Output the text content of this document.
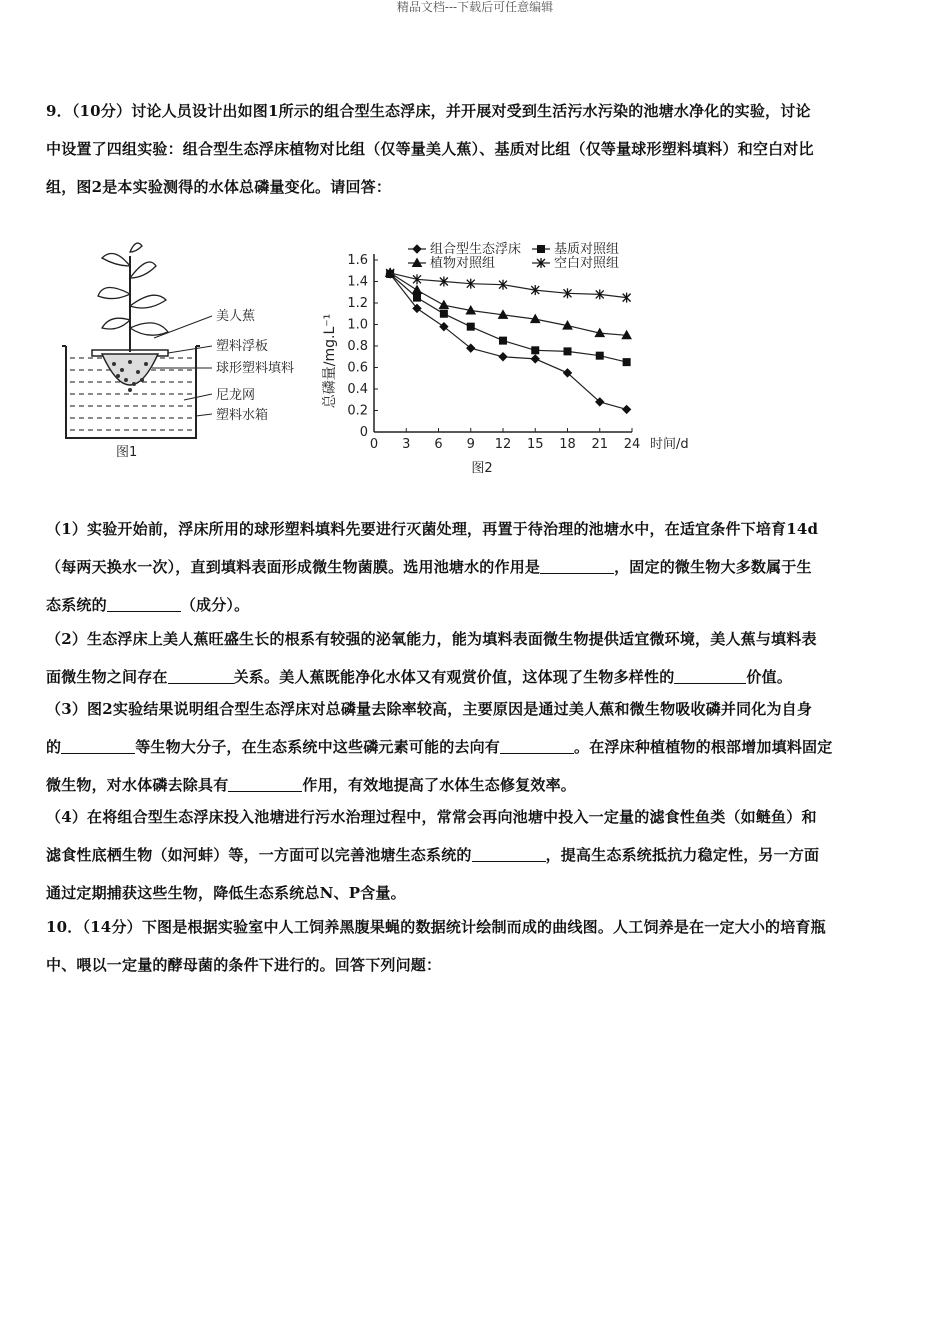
精品文档---下载后可任意编辑
9．（10分）讨论人员设计出如图1所示的组合型生态浮床，并开展对受到生活污水污染的池塘水净化的实验，讨论
中设置了四组实验：组合型生态浮床植物对比组（仅等量美人蕉）、基质对比组（仅等量球形塑料填料）和空白对比
组，图2是本实验测得的水体总磷量变化。请回答：
美人蕉
塑料浮板
球形塑料填料
尼龙网
塑料水箱
图1
0 3 6 9 12 15 18 21 24
0
0.2
0.4
0.6
0.8
1.0
1.2
1.4
1.6
组合型生态浮床	基质对照组
植物对照组	空白对照组
总磷量/mg.L⁻¹
时间/d
图2
（1）实验开始前，浮床所用的球形塑料填料先要进行灭菌处理，再置于待治理的池塘水中，在适宜条件下培育14d
（每两天换水一次），直到填料表面形成微生物菌膜。选用池塘水的作用是	，固定的微生物大多数属于生
态系统的	（成分）。
（2）生态浮床上美人蕉旺盛生长的根系有较强的泌氧能力，能为填料表面微生物提供适宜微环境，美人蕉与填料表
面微生物之间存在	关系。美人蕉既能净化水体又有观赏价值，这体现了生物多样性的	价值。
（3）图2实验结果说明组合型生态浮床对总磷量去除率较高，主要原因是通过美人蕉和微生物吸收磷并同化为自身
的	等生物大分子，在生态系统中这些磷元素可能的去向有	。在浮床种植植物的根部增加填料固定
微生物，对水体磷去除具有	作用，有效地提高了水体生态修复效率。
（4）在将组合型生态浮床投入池塘进行污水治理过程中，常常会再向池塘中投入一定量的滤食性鱼类（如鲢鱼）和
滤食性底栖生物（如河蚌）等，一方面可以完善池塘生态系统的	，提高生态系统抵抗力稳定性，另一方面
通过定期捕获这些生物，降低生态系统总N、P含量。
10．（14分）下图是根据实验室中人工饲养黑腹果蝇的数据统计绘制而成的曲线图。人工饲养是在一定大小的培育瓶
中、喂以一定量的酵母菌的条件下进行的。回答下列问题：
